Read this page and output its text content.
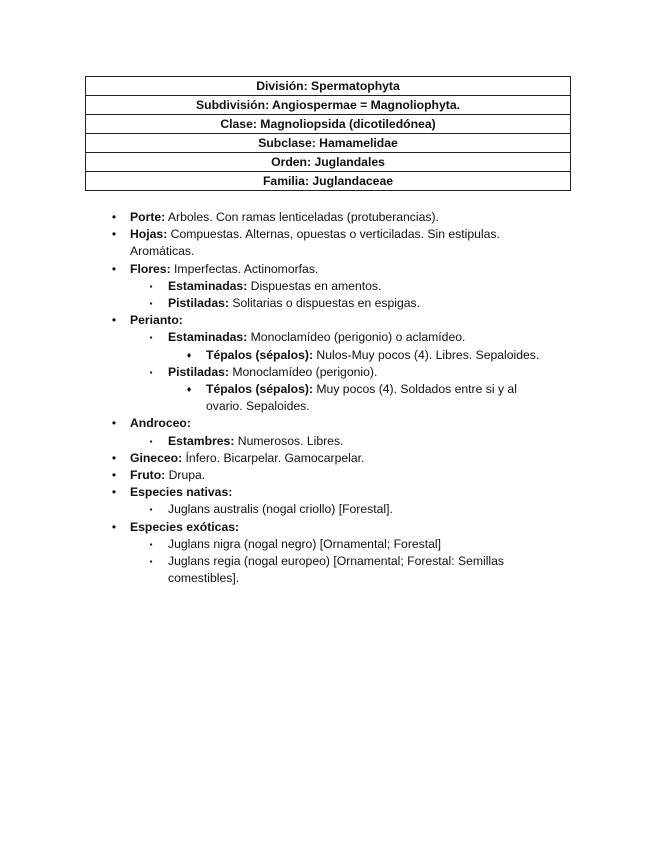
División: Spermatophyta
Subdivisión: Angiospermae = Magnoliophyta.
Clase: Magnoliopsida (dicotiledónea)
Subclase: Hamamelidae
Orden: Juglandales
Familia: Juglandaceae
•	Porte: Arboles. Con ramas lenticeladas (protuberancias).
•	Hojas: Compuestas. Alternas, opuestas o verticiladas. Sin estipulas.
Aromáticas.
•	Flores: Imperfectas. Actinomorfas.
▪	Estaminadas: Dispuestas en amentos.
▪	Pistiladas: Solitarias o dispuestas en espigas.
•	Perianto:
▪	Estaminadas: Monoclamídeo (perigonio) o aclamídeo.
♦	Tépalos (sépalos): Nulos-Muy pocos (4). Libres. Sepaloides.
▪	Pistiladas: Monoclamídeo (perigonio).
♦	Tépalos (sépalos): Muy pocos (4). Soldados entre si y al
ovario. Sepaloides.
•	Androceo:
▪	Estambres: Numerosos. Libres.
•	Gineceo: Ínfero. Bicarpelar. Gamocarpelar.
•	Fruto: Drupa.
•	Especies nativas:
▪	Juglans australis (nogal criollo) [Forestal].
•	Especies exóticas:
▪	Juglans nigra (nogal negro) [Ornamental; Forestal]
▪	Juglans regia (nogal europeo) [Ornamental; Forestal: Semillas
comestibles].
